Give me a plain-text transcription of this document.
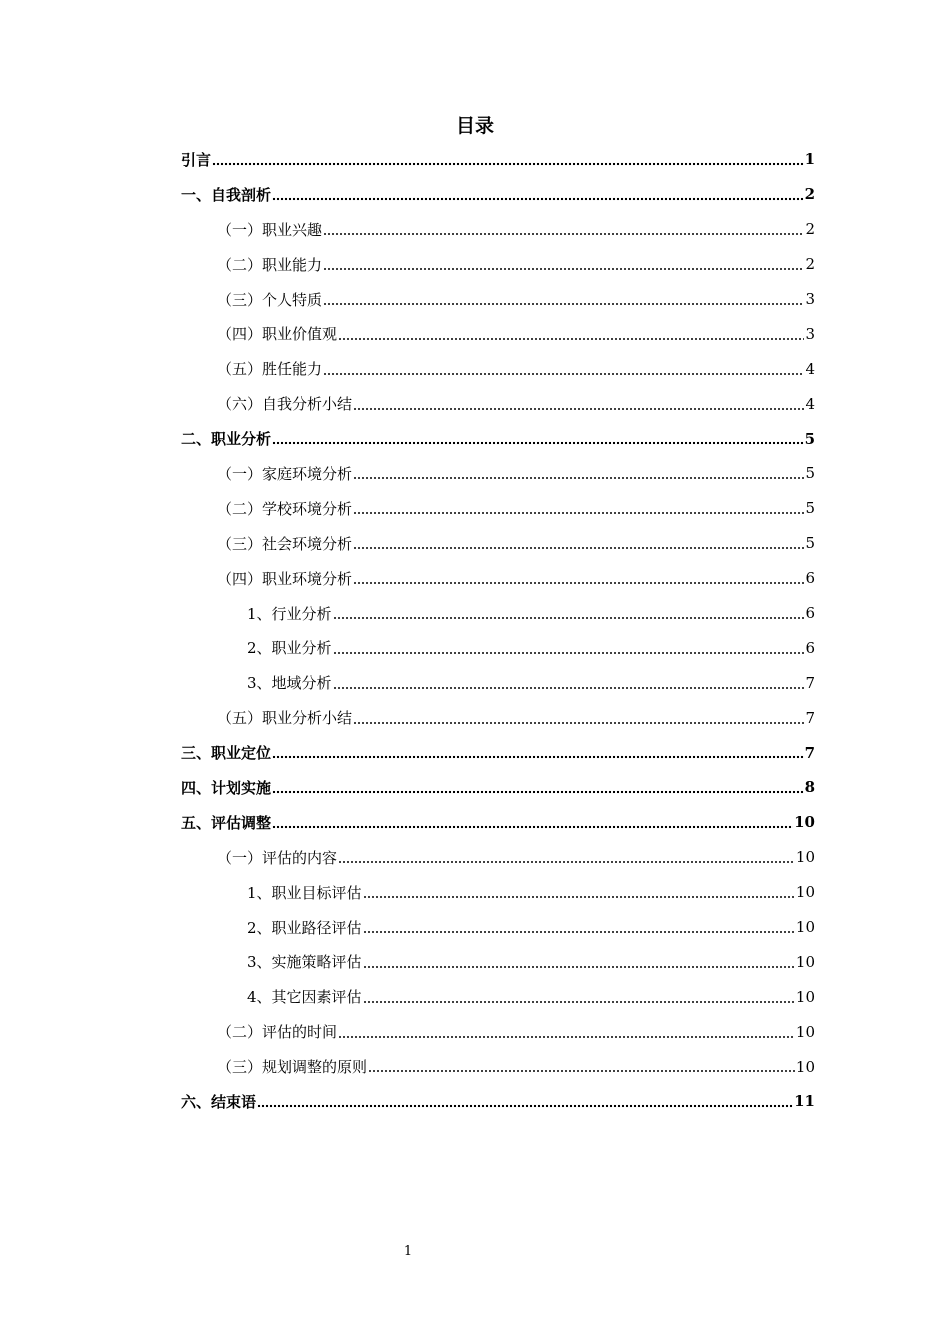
目录
引言	1
一、自我剖析	2
（一）职业兴趣	2
（二）职业能力	2
（三）个人特质	3
（四）职业价值观	3
（五）胜任能力	4
（六）自我分析小结	4
二、职业分析	5
（一）家庭环境分析	5
（二）学校环境分析	5
（三）社会环境分析	5
（四）职业环境分析	6
1、行业分析	6
2、职业分析	6
3、地域分析	7
（五）职业分析小结	7
三、职业定位	7
四、计划实施	8
五、评估调整	10
（一）评估的内容	10
1、职业目标评估	10
2、职业路径评估	10
3、实施策略评估	10
4、其它因素评估	10
（二）评估的时间	10
（三）规划调整的原则	10
六、结束语	11
1
